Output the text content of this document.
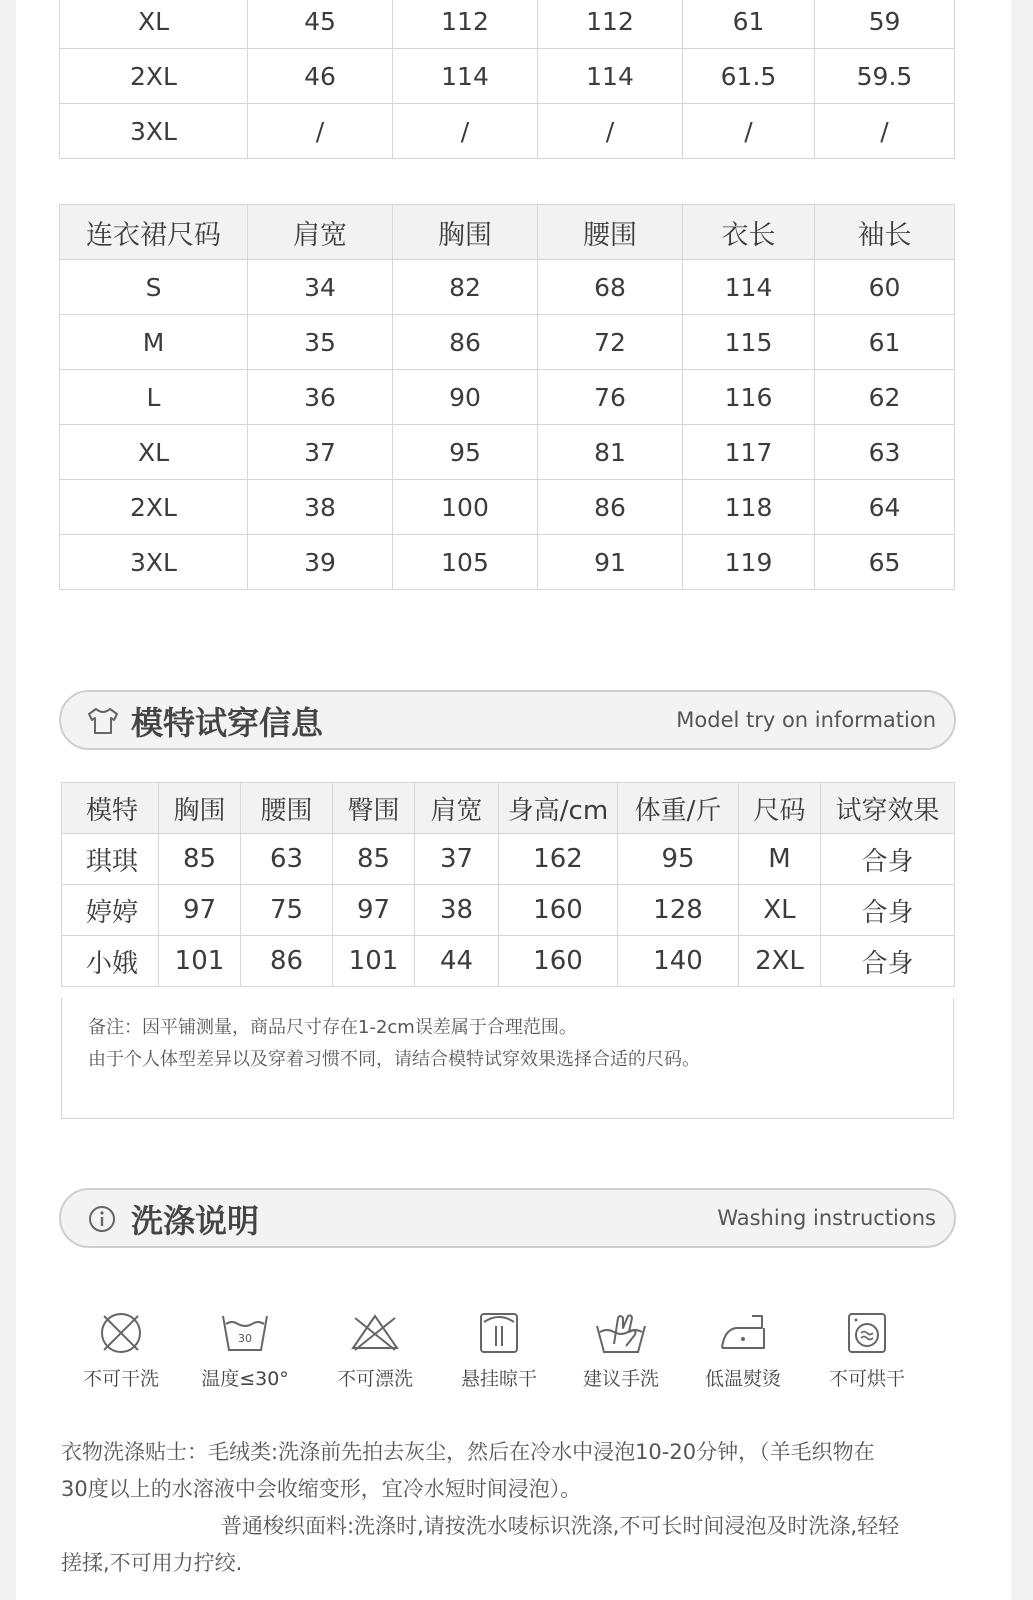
XL	45	112	112	61	59
2XL	46	114	114	61.5	59.5
3XL	/	/	/	/	/
连衣裙尺码	肩宽	胸围	腰围	衣长	袖长
S	34	82	68	114	60
M	35	86	72	115	61
L	36	90	76	116	62
XL	37	95	81	117	63
2XL	38	100	86	118	64
3XL	39	105	91	119	65
模特试穿信息	Model try on information
模特	胸围	腰围	臀围	肩宽	身高/cm	体重/斤	尺码	试穿效果
琪琪	85	63	85	37	162	95	M	合身
婷婷	97	75	97	38	160	128	XL	合身
小娥	101	86	101	44	160	140	2XL	合身
备注：因平铺测量，商品尺寸存在1-2cm误差属于合理范围。
由于个人体型差异以及穿着习惯不同，请结合模特试穿效果选择合适的尺码。
洗涤说明	Washing instructions
不可干洗
30
温度≤30°	不可漂洗	悬挂晾干	建议手洗	低温熨烫	不可烘干
衣物洗涤贴士：毛绒类:洗涤前先拍去灰尘，然后在冷水中浸泡10-20分钟，（羊毛织物在
30度以上的水溶液中会收缩变形，宜冷水短时间浸泡）。
普通梭织面料:洗涤时,请按洗水唛标识洗涤,不可长时间浸泡及时洗涤,轻轻
搓揉,不可用力拧绞.
